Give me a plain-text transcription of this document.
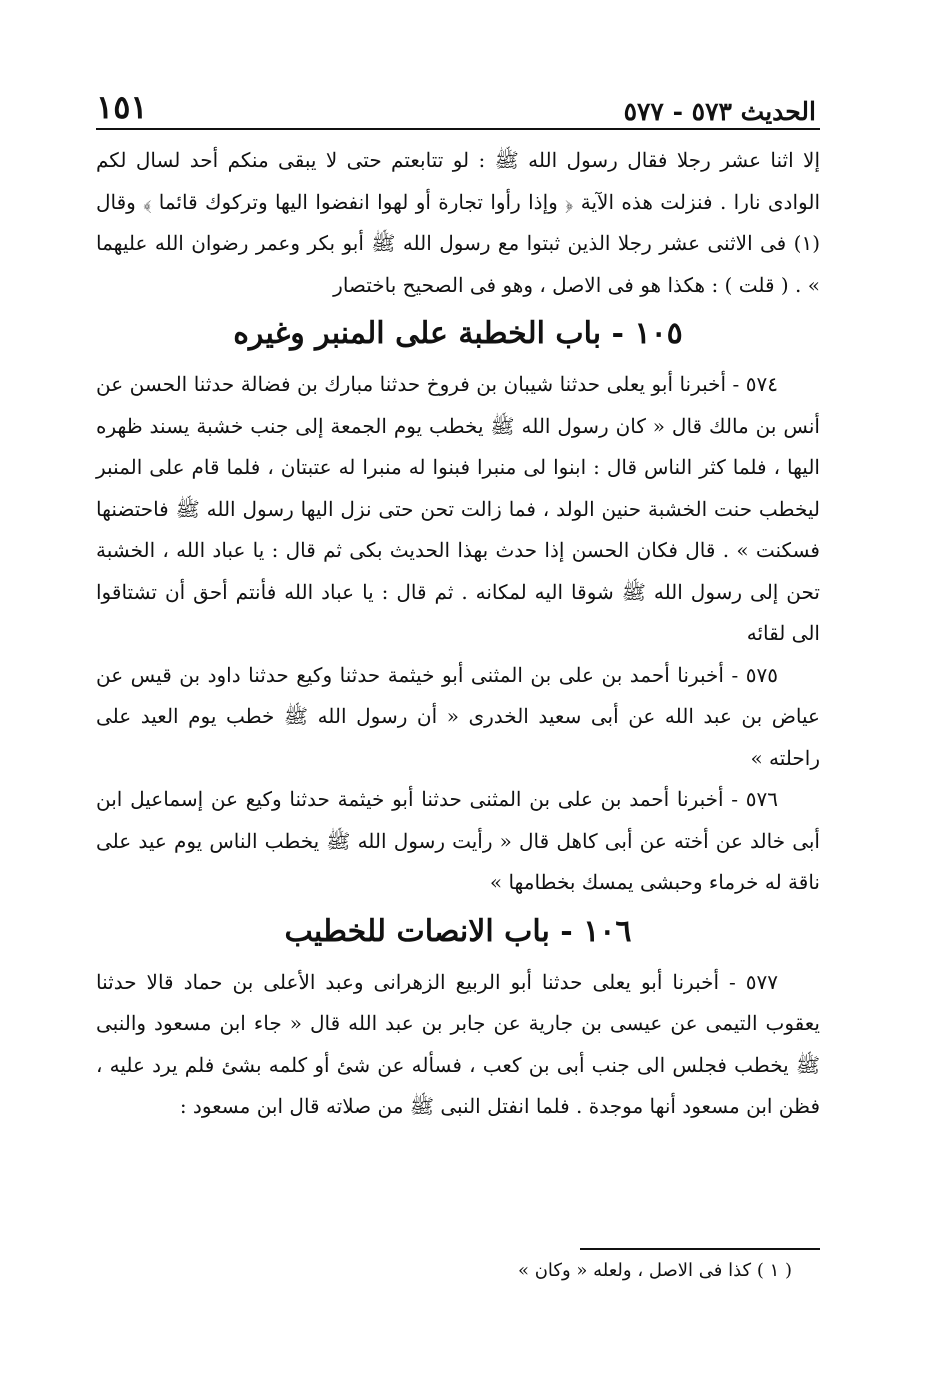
الحديث ٥٧٣ - ٥٧٧
١٥١

إلا اثنا عشر رجلا فقال رسول الله ﷺ : لو تتابعتم حتى لا يبقى منكم أحد لسال لكم الوادى نارا . فنزلت هذه الآية ﴿ وإذا رأوا تجارة أو لهوا انفضوا اليها وتركوك قائما ﴾ وقال (١) فى الاثنى عشر رجلا الذين ثبتوا مع رسول الله ﷺ أبو بكر وعمر رضوان الله عليهما » . ( قلت ) : هكذا هو فى الاصل ، وهو فى الصحيح باختصار

١٠٥ - باب الخطبة على المنبر وغيره

٥٧٤ - أخبرنا أبو يعلى حدثنا شيبان بن فروخ حدثنا مبارك بن فضالة حدثنا الحسن عن أنس بن مالك قال « كان رسول الله ﷺ يخطب يوم الجمعة إلى جنب خشبة يسند ظهره اليها ، فلما كثر الناس قال : ابنوا لى منبرا فبنوا له منبرا له عتبتان ، فلما قام على المنبر ليخطب حنت الخشبة حنين الولد ، فما زالت تحن حتى نزل اليها رسول الله ﷺ فاحتضنها فسكنت » . قال فكان الحسن إذا حدث بهذا الحديث بكى ثم قال : يا عباد الله ، الخشبة تحن إلى رسول الله ﷺ شوقا اليه لمكانه . ثم قال : يا عباد الله فأنتم أحق أن تشتاقوا الى لقائه

٥٧٥ - أخبرنا أحمد بن على بن المثنى أبو خيثمة حدثنا وكيع حدثنا داود بن قيس عن عياض بن عبد الله عن أبى سعيد الخدرى « أن رسول الله ﷺ خطب يوم العيد على راحلته »

٥٧٦ - أخبرنا أحمد بن على بن المثنى حدثنا أبو خيثمة حدثنا وكيع عن إسماعيل ابن أبى خالد عن أخته عن أبى كاهل قال « رأيت رسول الله ﷺ يخطب الناس يوم عيد على ناقة له خرماء وحبشى يمسك بخطامها »

١٠٦ - باب الانصات للخطيب

٥٧٧ - أخبرنا أبو يعلى حدثنا أبو الربيع الزهرانى وعبد الأعلى بن حماد قالا حدثنا يعقوب التيمى عن عيسى بن جارية عن جابر بن عبد الله قال « جاء ابن مسعود والنبى ﷺ يخطب فجلس الى جنب أبى بن كعب ، فسأله عن شئ أو كلمه بشئ فلم يرد عليه ، فظن ابن مسعود أنها موجدة . فلما انفتل النبى ﷺ من صلاته قال ابن مسعود :

( ١ ) كذا فى الاصل ، ولعله « وكان »
